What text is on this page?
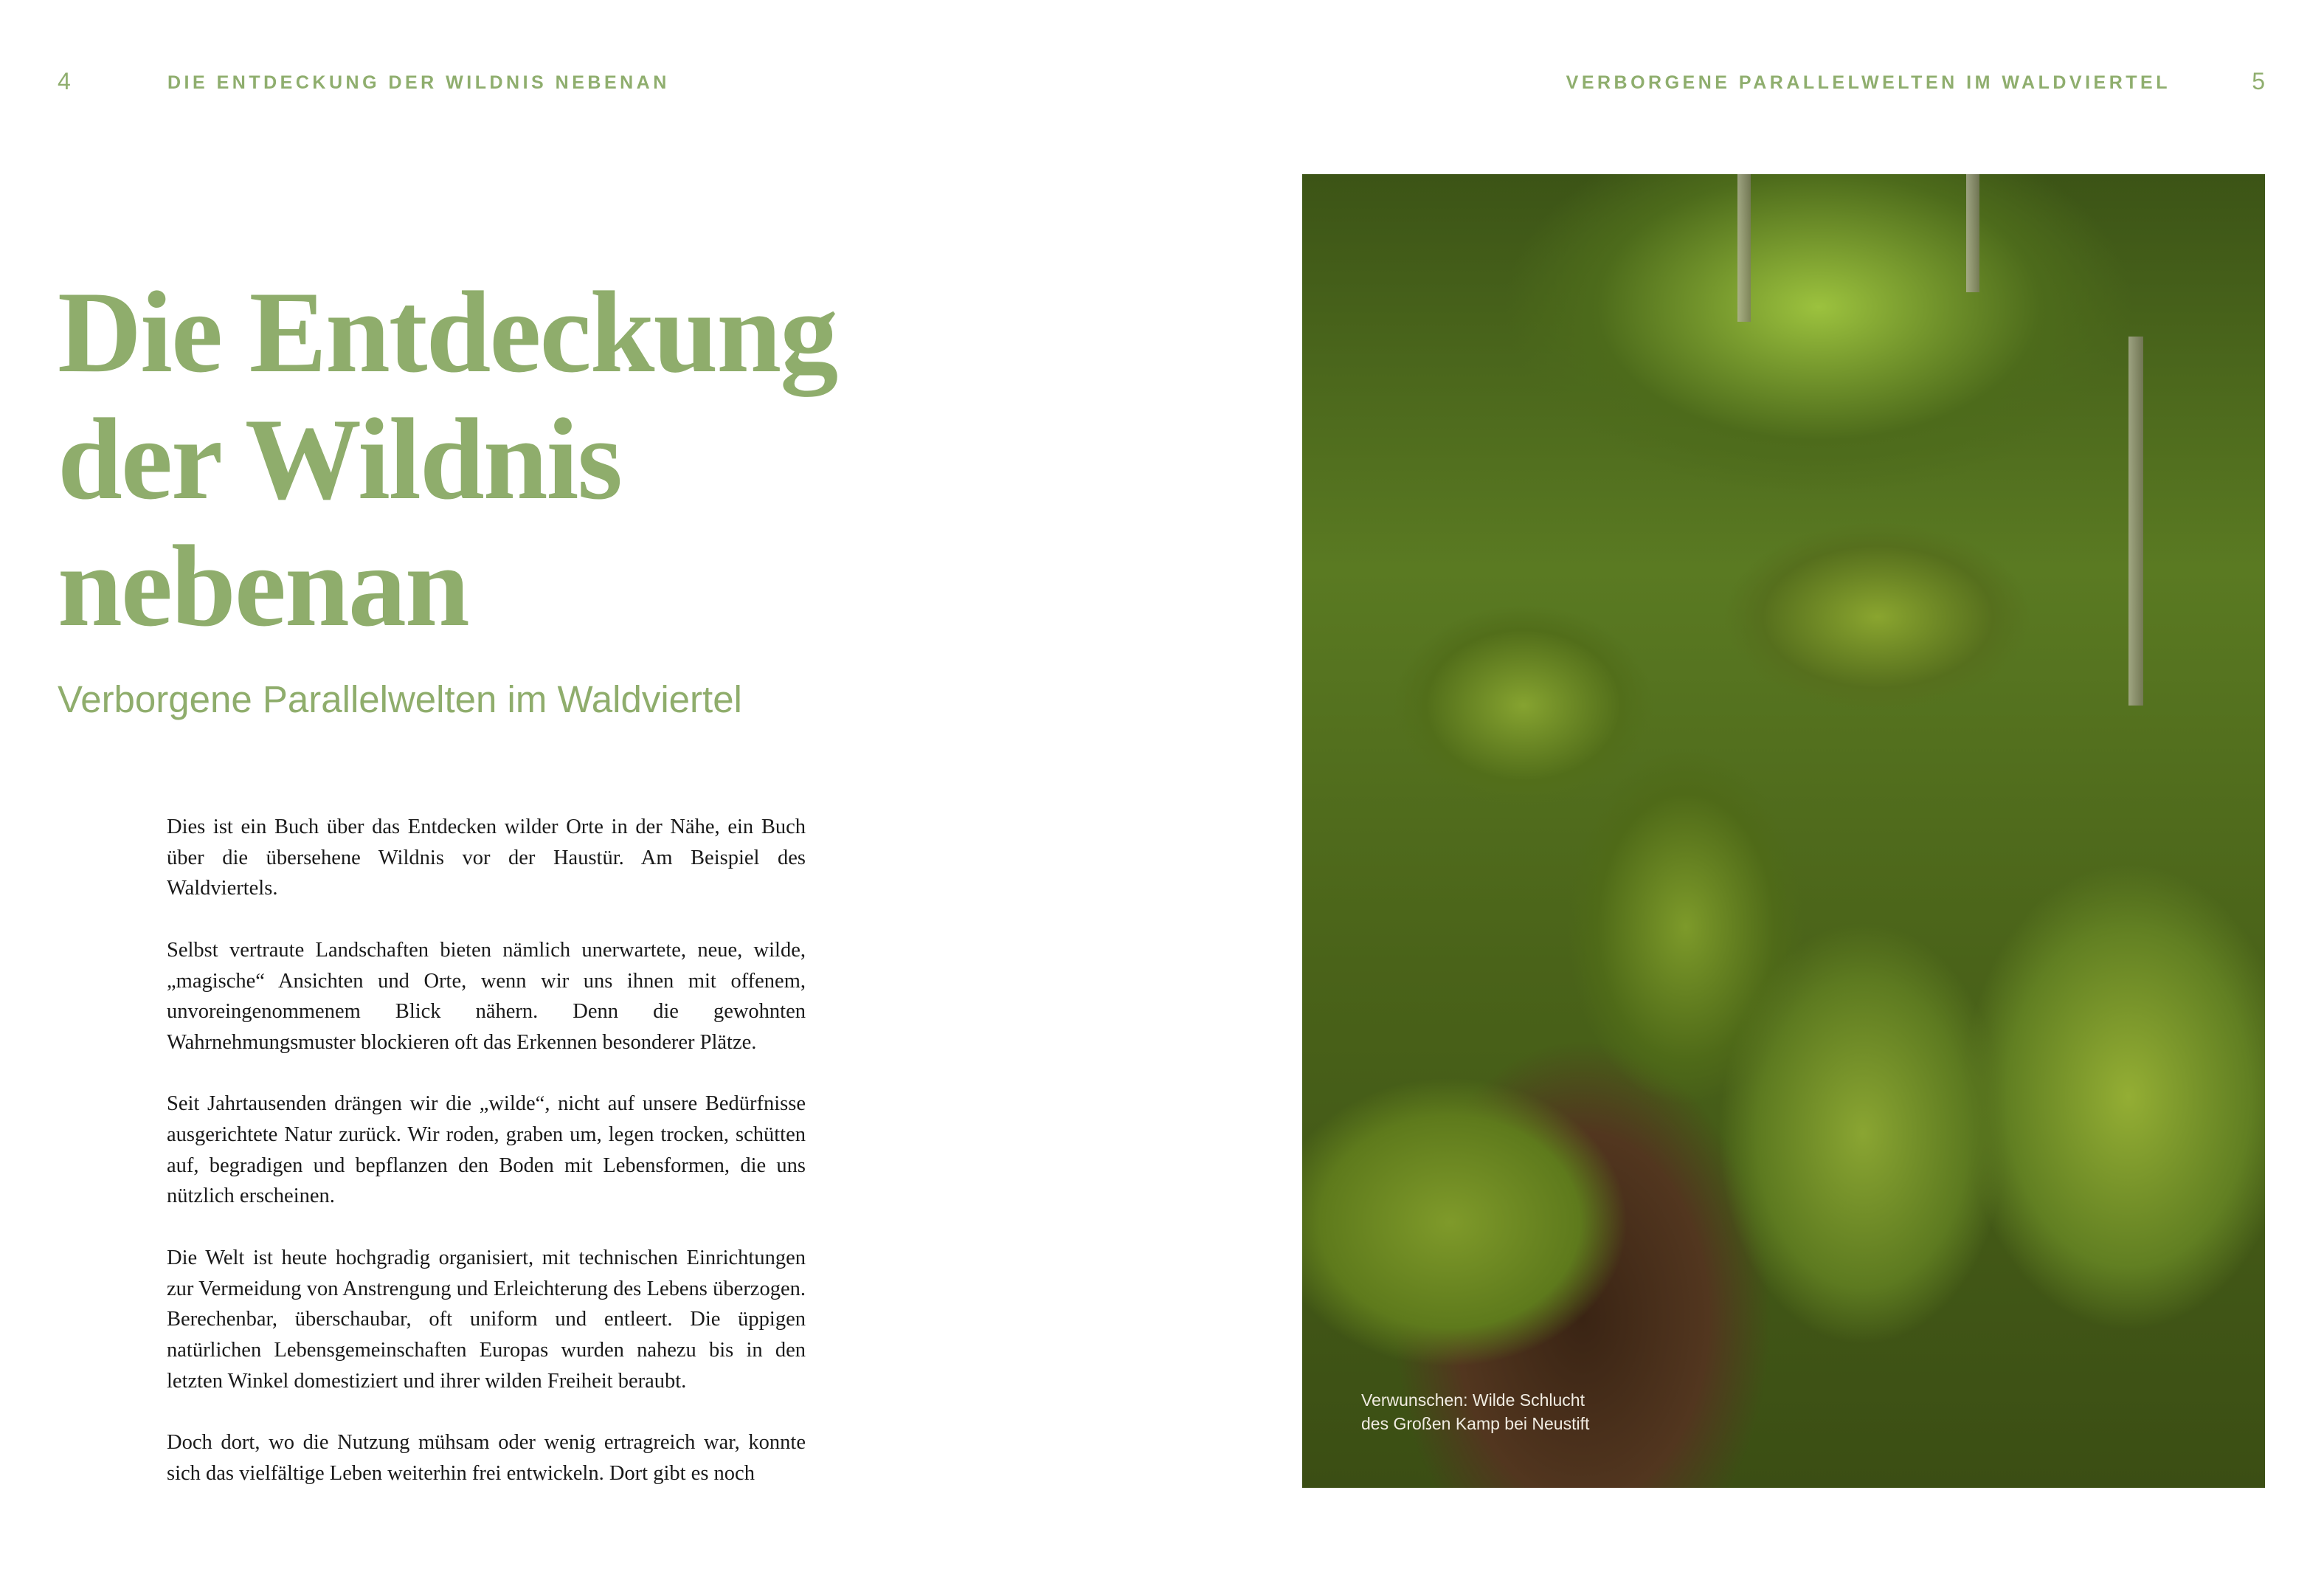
4	DIE ENTDECKUNG DER WILDNIS NEBENAN
Die Entdeckung
der Wildnis
nebenan
Verborgene Parallelwelten im Waldviertel

Dies ist ein Buch über das Entdecken wilder Orte in der Nähe, ein Buch über die übersehene Wildnis vor der Haustür. Am Beispiel des Waldviertels.

Selbst vertraute Landschaften bieten nämlich unerwartete, neue, wilde, „magische“ Ansichten und Orte, wenn wir uns ihnen mit offenem, unvoreingenommenem Blick nähern. Denn die gewohnten Wahrnehmungsmuster blockieren oft das Erkennen besonderer Plätze.

Seit Jahrtausenden drängen wir die „wilde“, nicht auf unsere Bedürfnisse ausgerichtete Natur zurück. Wir roden, graben um, legen trocken, schütten auf, begradigen und bepflanzen den Boden mit Lebensformen, die uns nützlich erscheinen.

Die Welt ist heute hochgradig organisiert, mit technischen Einrichtungen zur Vermeidung von Anstrengung und Erleichterung des Lebens überzogen. Berechenbar, überschaubar, oft uniform und entleert. Die üppigen natürlichen Lebensgemeinschaften Europas wurden nahezu bis in den letzten Winkel domestiziert und ihrer wilden Freiheit beraubt.

Doch dort, wo die Nutzung mühsam oder wenig ertragreich war, konnte sich das vielfältige Leben weiterhin frei entwickeln. Dort gibt es noch

VERBORGENE PARALLELWELTEN IM WALDVIERTEL	5
Verwunschen: Wilde Schlucht
des Großen Kamp bei Neustift
